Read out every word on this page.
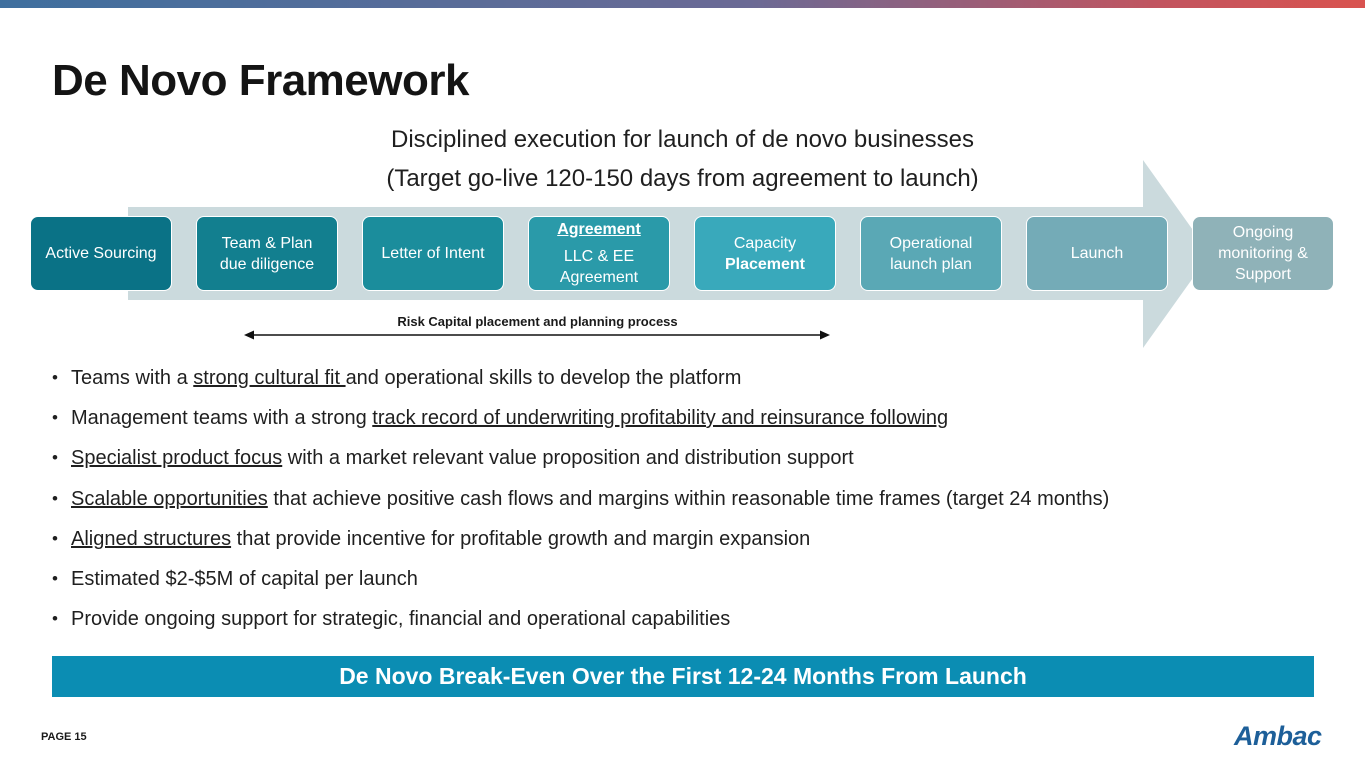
De Novo Framework
Disciplined execution for launch of de novo businesses
(Target go-live 120-150 days from agreement to launch)
Active Sourcing
Team & Plan
due diligence
Letter of Intent
Agreement
LLC & EE
Agreement
Capacity
Placement
Operational
launch plan
Launch
Ongoing
monitoring &
Support
Risk Capital placement and planning process
• Teams with a strong cultural fit and operational skills to develop the platform
• Management teams with a strong track record of underwriting profitability and reinsurance following
• Specialist product focus with a market relevant value proposition and distribution support
• Scalable opportunities that achieve positive cash flows and margins within reasonable time frames (target 24 months)
• Aligned structures that provide incentive for profitable growth and margin expansion
• Estimated $2-$5M of capital per launch
• Provide ongoing support for strategic, financial and operational capabilities
De Novo Break-Even Over the First 12-24 Months From Launch
PAGE 15	Ambac
